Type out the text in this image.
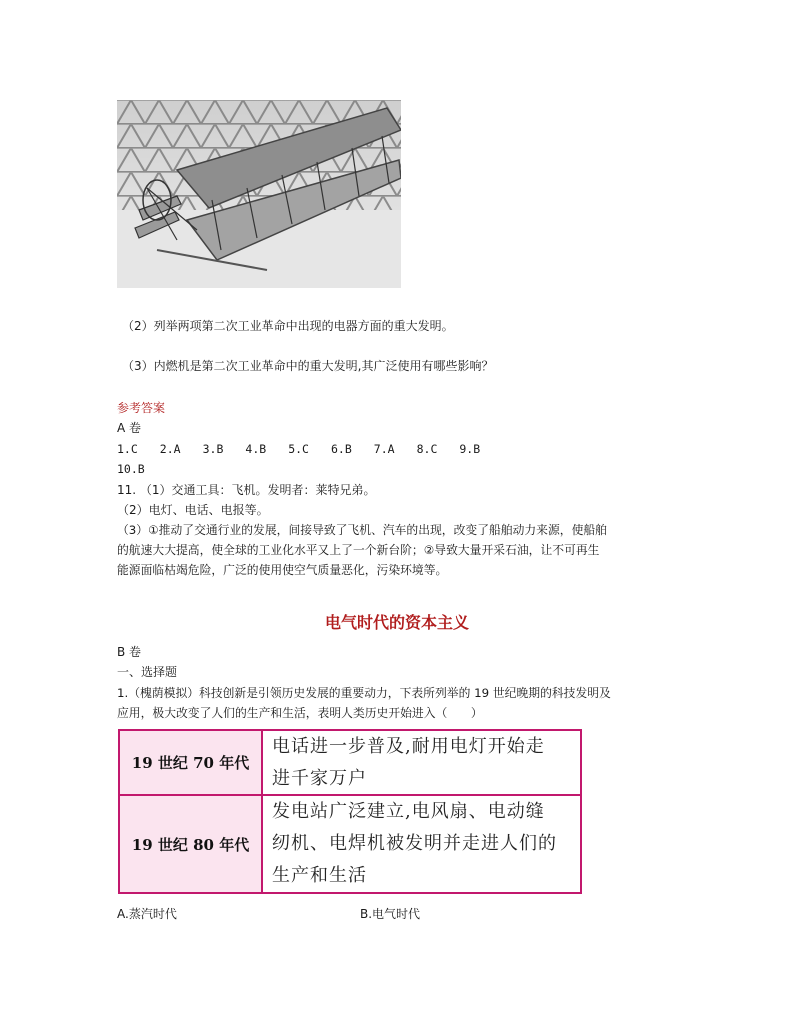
（2）列举两项第二次工业革命中出现的电器方面的重大发明。
（3）内燃机是第二次工业革命中的重大发明,其广泛使用有哪些影响？
参考答案
A 卷
1.C 2.A 3.B 4.B 5.C 6.B 7.A 8.C 9.B
10.B
11. （1）交通工具：飞机。发明者：莱特兄弟。
（2）电灯、电话、电报等。
（3）①推动了交通行业的发展，间接导致了飞机、汽车的出现，改变了船舶动力来源，使船舶
的航速大大提高，使全球的工业化水平又上了一个新台阶；②导致大量开采石油，让不可再生
能源面临枯竭危险，广泛的使用使空气质量恶化，污染环境等。
电气时代的资本主义
B 卷
一、选择题
1.（槐荫模拟）科技创新是引领历史发展的重要动力，下表所列举的 19 世纪晚期的科技发明及
应用，极大改变了人们的生产和生活，表明人类历史开始进入（　　）
19 世纪 70 年代
电话进一步普及,耐用电灯开始走
进千家万户
19 世纪 80 年代
发电站广泛建立,电风扇、电动缝
纫机、电焊机被发明并走进人们的
生产和生活
A.蒸汽时代	B.电气时代
